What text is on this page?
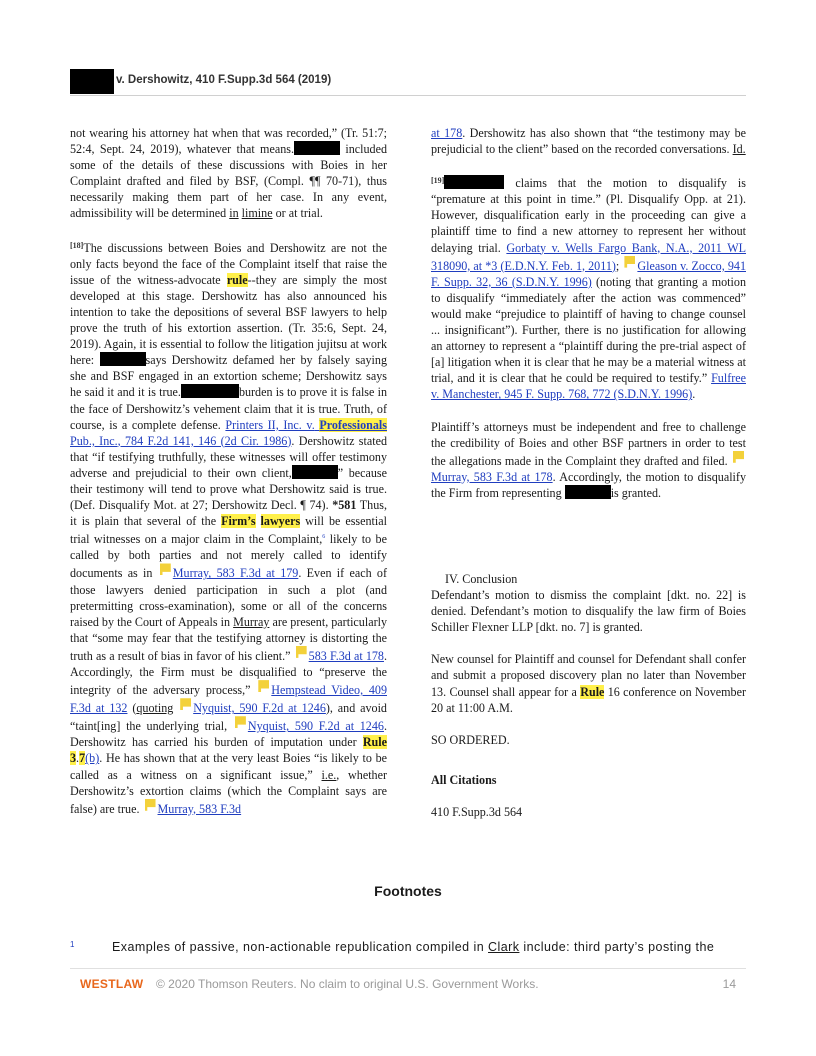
v. Dershowitz, 410 F.Supp.3d 564 (2019)

not wearing his attorney hat when that was recorded,” (Tr. 51:7; 52:4, Sept. 24, 2019), whatever that means.	included some of the details of these discussions with Boies in her Complaint drafted and filed by BSF, (Compl. ¶¶ 70-71), thus necessarily making them part of her case. In any event, admissibility will be determined in limine or at trial.

[18]The discussions between Boies and Dershowitz are not the only facts beyond the face of the Complaint itself that raise the issue of the witness-advocate rule--they are simply the most developed at this stage. Dershowitz has also announced his intention to take the depositions of several BSF lawyers to help prove the truth of his extortion assertion. (Tr. 35:6, Sept. 24, 2019). Again, it is essential to follow the litigation jujitsu at work here:	says Dershowitz defamed her by falsely saying she and BSF engaged in an extortion scheme; Dershowitz says he said it and it is true.	burden is to prove it is false in the face of Dershowitz’s vehement claim that it is true. Truth, of course, is a complete defense. Printers II, Inc. v. Professionals Pub., Inc., 784 F.2d 141, 146 (2d Cir. 1986). Dershowitz stated that “if testifying truthfully, these witnesses will offer testimony adverse and prejudicial to their own client,	” because their testimony will tend to prove what Dershowitz said is true. (Def. Disqualify Mot. at 27; Dershowitz Decl. ¶ 74). *581 Thus, it is plain that several of the Firm’s lawyers will be essential trial witnesses on a major claim in the Complaint,$^6$ likely to be called by both parties and not merely called to identify documents as in Murray, 583 F.3d at 179. Even if each of those lawyers denied participation in such a plot (and pretermitting cross-examination), some or all of the concerns raised by the Court of Appeals in Murray are present, particularly that “some may fear that the testifying attorney is distorting the truth as a result of bias in favor of his client.” 583 F.3d at 178. Accordingly, the Firm must be disqualified to “preserve the integrity of the adversary process,” Hempstead Video, 409 F.3d at 132 (quoting Nyquist, 590 F.2d at 1246), and avoid “taint[ing] the underlying trial, Nyquist, 590 F.2d at 1246. Dershowitz has carried his burden of imputation under Rule 3.7(b). He has shown that at the very least Boies “is likely to be called as a witness on a significant issue,” i.e., whether Dershowitz’s extortion claims (which the Complaint says are false) are true. Murray, 583 F.3d

at 178. Dershowitz has also shown that “the testimony may be prejudicial to the client” based on the recorded conversations. Id.

[19]	claims that the motion to disqualify is “premature at this point in time.” (Pl. Disqualify Opp. at 21). However, disqualification early in the proceeding can give a plaintiff time to find a new attorney to represent her without delaying trial. Gorbaty v. Wells Fargo Bank, N.A., 2011 WL 318090, at *3 (E.D.N.Y. Feb. 1, 2011); Gleason v. Zocco, 941 F. Supp. 32, 36 (S.D.N.Y. 1996) (noting that granting a motion to disqualify “immediately after the action was commenced” would make “prejudice to plaintiff of having to change counsel ... insignificant”). Further, there is no justification for allowing an attorney to represent a “plaintiff during the pre-trial aspect of [a] litigation when it is clear that he may be a material witness at trial, and it is clear that he could be required to testify.” Fulfree v. Manchester, 945 F. Supp. 768, 772 (S.D.N.Y. 1996).

Plaintiff’s attorneys must be independent and free to challenge the credibility of Boies and other BSF partners in order to test the allegations made in the Complaint they drafted and filed. Murray, 583 F.3d at 178. Accordingly, the motion to disqualify the Firm from representing	is granted.

IV. Conclusion

Defendant’s motion to dismiss the complaint [dkt. no. 22] is denied. Defendant’s motion to disqualify the law firm of Boies Schiller Flexner LLP [dkt. no. 7] is granted.

New counsel for Plaintiff and counsel for Defendant shall confer and submit a proposed discovery plan no later than November 13. Counsel shall appear for a Rule 16 conference on November 20 at 11:00 A.M.

SO ORDERED.

All Citations

410 F.Supp.3d 564

Footnotes
1	Examples of passive, non-actionable republication compiled in Clark include: third party’s posting the
WESTLAW © 2020 Thomson Reuters. No claim to original U.S. Government Works.	14
